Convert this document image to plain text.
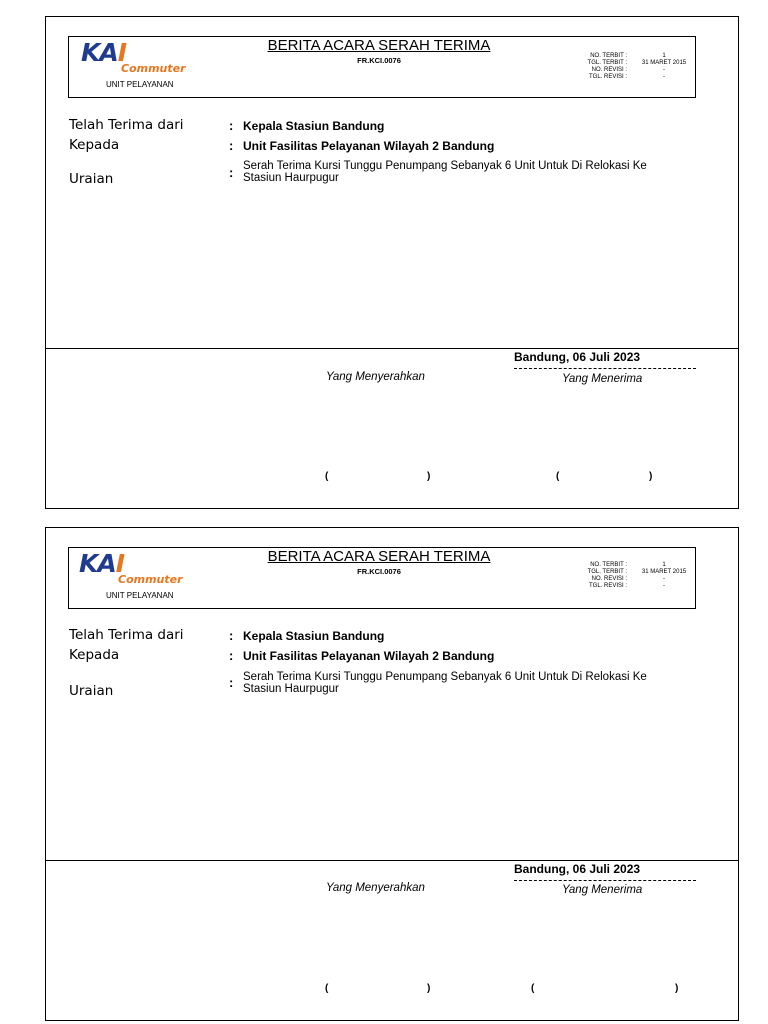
KAI
Commuter
UNIT PELAYANAN
BERITA ACARA SERAH TERIMA
FR.KCI.0076	NO. TERBIT :	1
TGL. TERBIT :	31 MARET 2015
NO. REVISI :	-
TGL. REVISI :	-
Telah Terima dari	: Kepala Stasiun Bandung
Kepada	: Unit Fasilitas Pelayanan Wilayah 2 Bandung
Uraian	: Serah Terima Kursi Tunggu Penumpang Sebanyak 6 Unit Untuk Di Relokasi Ke Stasiun Haurpugur
Bandung, 06 Juli 2023
Yang Menyerahkan	Yang Menerima
(	)	(	)
KAI
Commuter
UNIT PELAYANAN
BERITA ACARA SERAH TERIMA
FR.KCI.0076
NO. TERBIT :	1
TGL. TERBIT :	31 MARET 2015
NO. REVISI :	-
TGL. REVISI :	-
Telah Terima dari	: Kepala Stasiun Bandung
Kepada	: Unit Fasilitas Pelayanan Wilayah 2 Bandung
Uraian
: Serah Terima Kursi Tunggu Penumpang Sebanyak 6 Unit Untuk Di Relokasi Ke Stasiun Haurpugur
Bandung, 06 Juli 2023
Yang Menyerahkan	Yang Menerima
(	)	(	)
